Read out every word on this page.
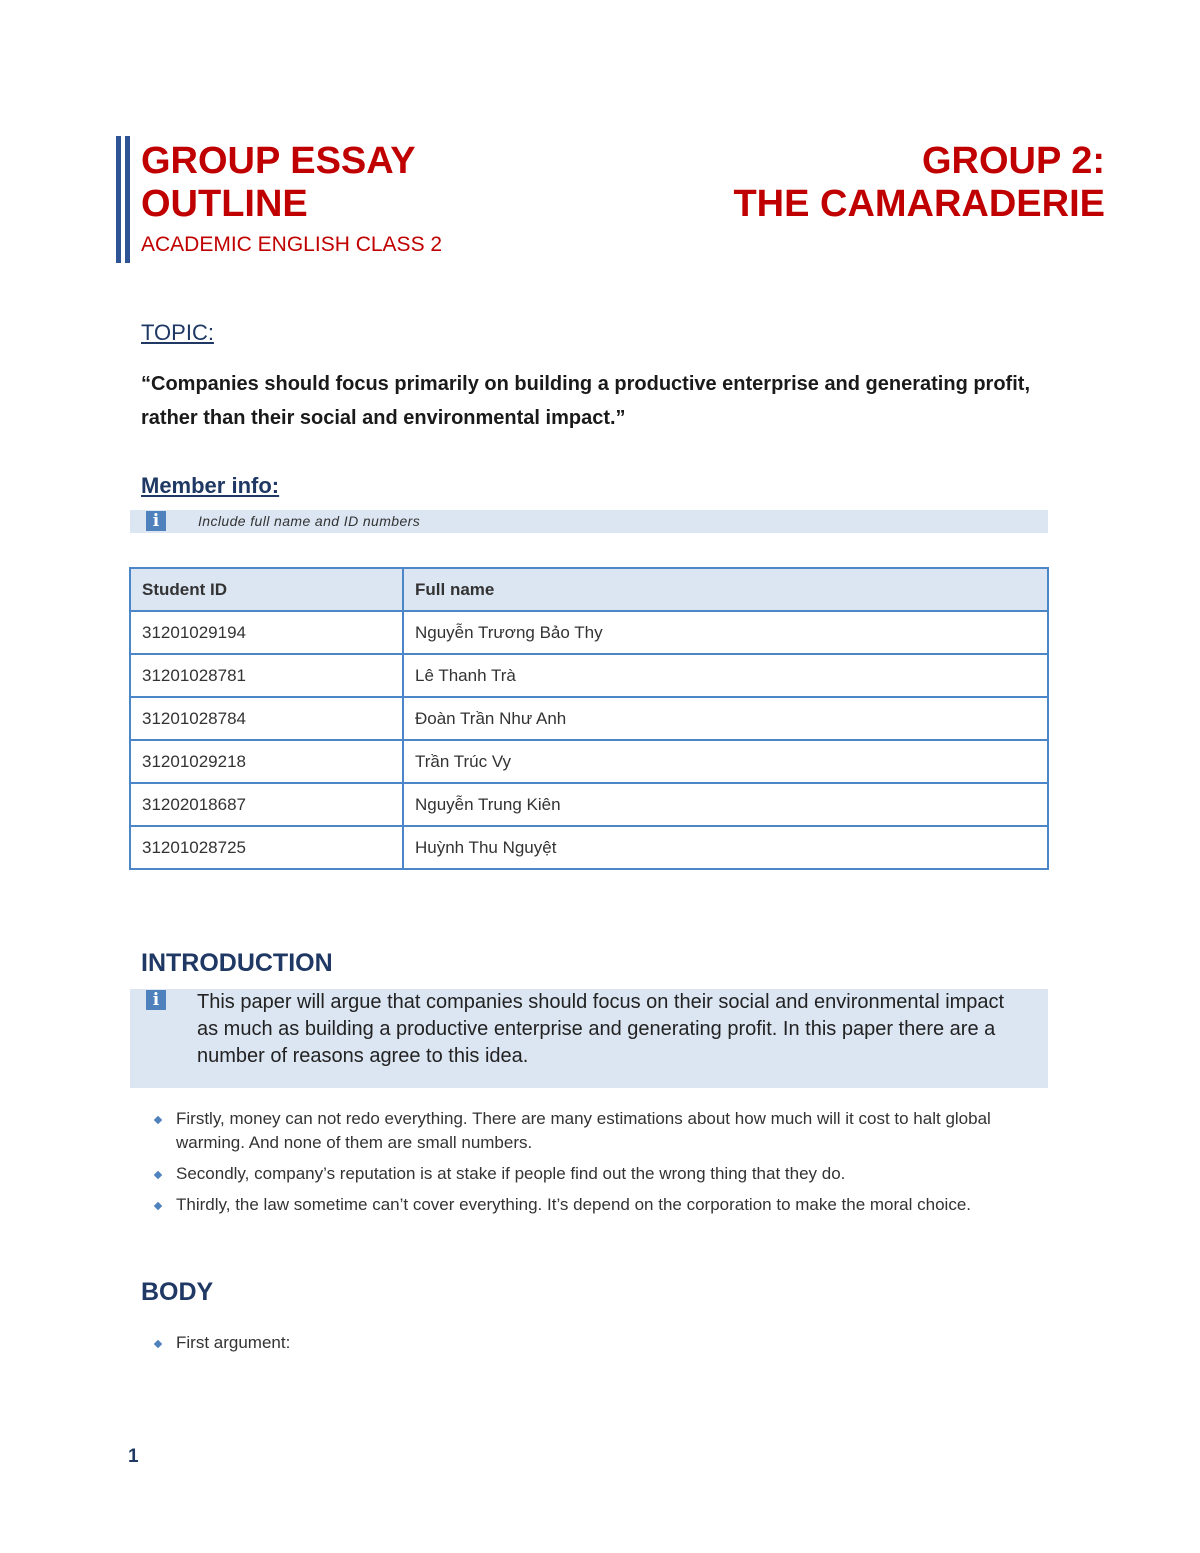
GROUP ESSAY
OUTLINE
ACADEMIC ENGLISH CLASS 2
GROUP 2:
THE CAMARADERIE
TOPIC:
“Companies should focus primarily on building a productive enterprise and generating profit, rather than their social and environmental impact.”
Member info:
i	Include full name and ID numbers
Student ID	Full name
31201029194	Nguyễn Trương Bảo Thy
31201028781	Lê Thanh Trà
31201028784	Đoàn Trần Như Anh
31201029218	Trần Trúc Vy
31202018687	Nguyễn Trung Kiên
31201028725	Huỳnh Thu Nguyệt
INTRODUCTION
i	This paper will argue that companies should focus on their social and environmental impact as much as building a productive enterprise and generating profit. In this paper there are a number of reasons agree to this idea.
Firstly, money can not redo everything. There are many estimations about how much will it cost to halt global warming. And none of them are small numbers.
Secondly, company’s reputation is at stake if people find out the wrong thing that they do.
Thirdly, the law sometime can’t cover everything. It’s depend on the corporation to make the moral choice.
BODY
First argument:
1
